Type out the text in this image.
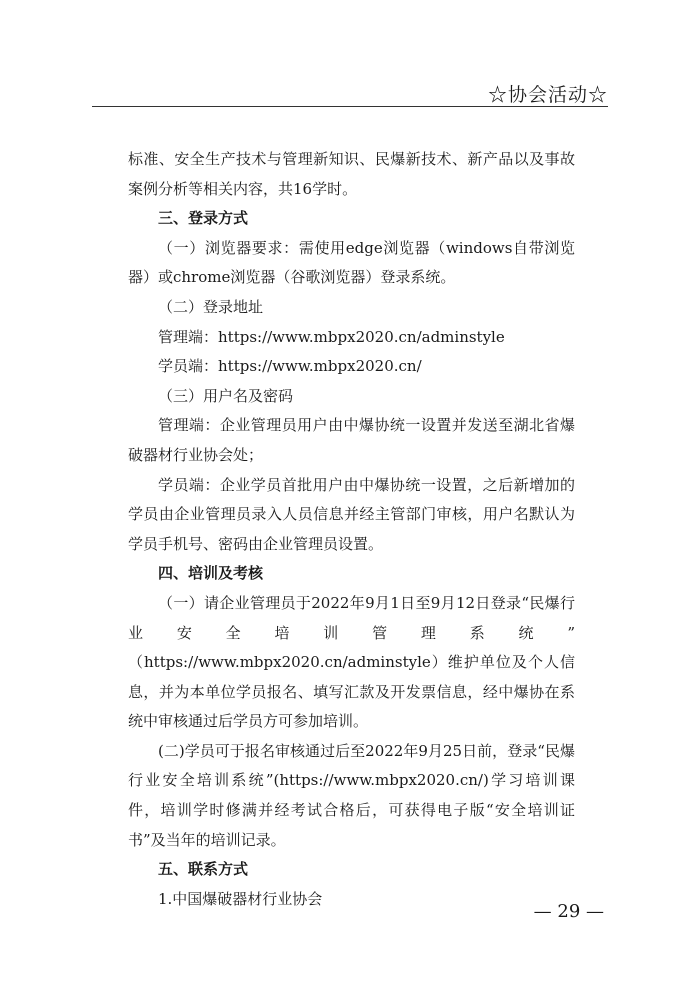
☆协会活动☆

标准、安全生产技术与管理新知识、民爆新技术、新产品以及事故案例分析等相关内容，共16学时。

三、登录方式

（一）浏览器要求：需使用edge浏览器（windows自带浏览器）或chrome浏览器（谷歌浏览器）登录系统。

（二）登录地址

管理端：https://www.mbpx2020.cn/adminstyle

学员端：https://www.mbpx2020.cn/

（三）用户名及密码

管理端：企业管理员用户由中爆协统一设置并发送至湖北省爆破器材行业协会处；

学员端：企业学员首批用户由中爆协统一设置，之后新增加的学员由企业管理员录入人员信息并经主管部门审核，用户名默认为学员手机号、密码由企业管理员设置。

四、培训及考核

（一）请企业管理员于2022年9月1日至9月12日登录“民爆行业安全培训管理系统”

（https://www.mbpx2020.cn/adminstyle）维护单位及个人信息，并为本单位学员报名、填写汇款及开发票信息，经中爆协在系统中审核通过后学员方可参加培训。

(二)学员可于报名审核通过后至2022年9月25日前，登录“民爆行业安全培训系统”(https://www.mbpx2020.cn/)学习培训课件，培训学时修满并经考试合格后，可获得电子版“安全培训证书”及当年的培训记录。

五、联系方式

1.中国爆破器材行业协会

— 29 —
